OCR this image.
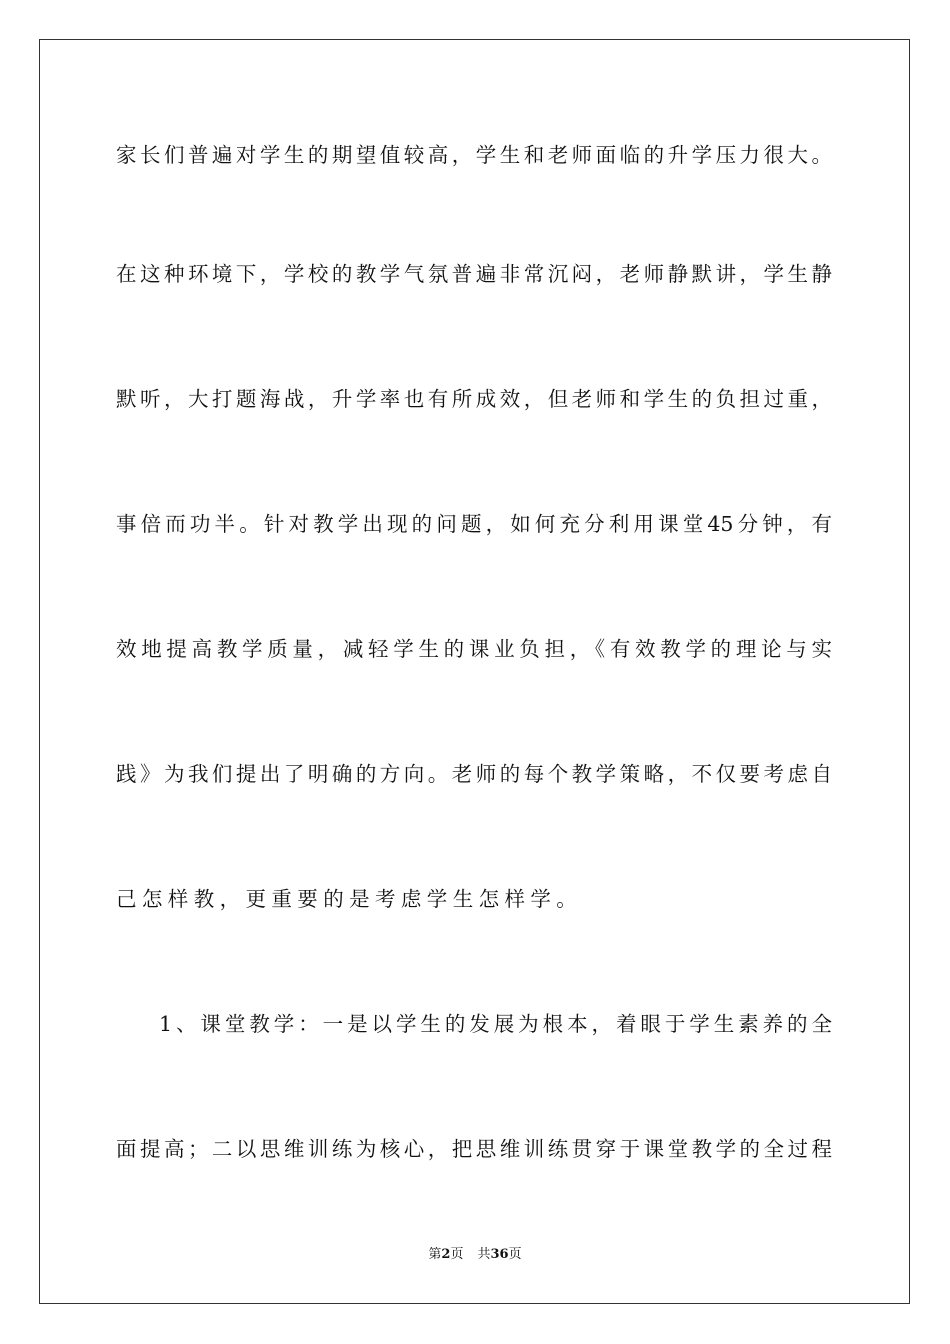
家长们普遍对学生的期望值较高，学生和老师面临的升学压力很大。
在这种环境下，学校的教学气氛普遍非常沉闷，老师静默讲，学生静
默听，大打题海战，升学率也有所成效，但老师和学生的负担过重，
事倍而功半。针对教学出现的问题，如何充分利用课堂45分钟，有
效地提高教学质量，减轻学生的课业负担，《有效教学的理论与实
践》为我们提出了明确的方向。老师的每个教学策略，不仅要考虑自
己怎样教，更重要的是考虑学生怎样学。
1、课堂教学：一是以学生的发展为根本，着眼于学生素养的全
面提高；二以思维训练为核心，把思维训练贯穿于课堂教学的全过程
第2页 共36页
